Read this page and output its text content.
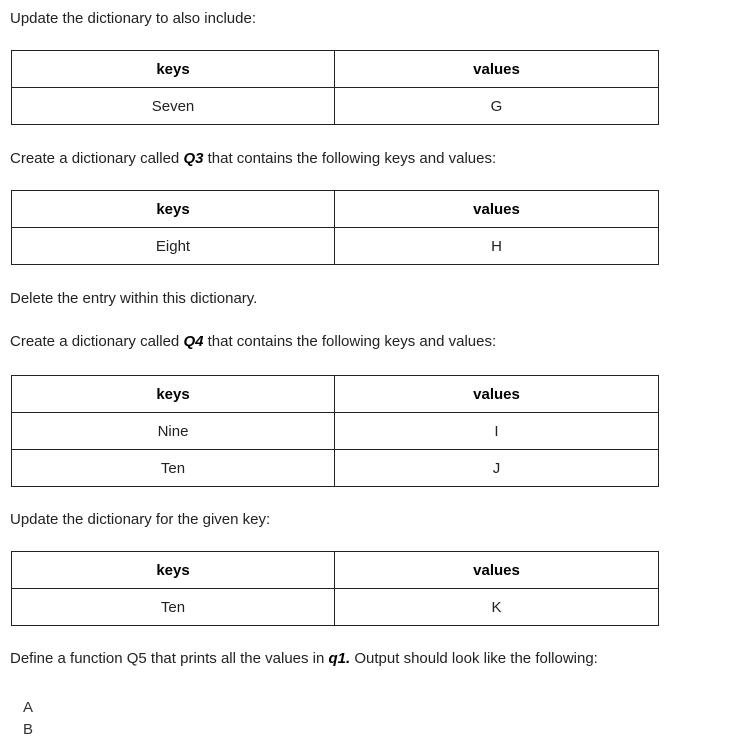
Update the dictionary to also include:

keys	values
Seven	G

Create a dictionary called Q3 that contains the following keys and values:

keys	values
Eight	H

Delete the entry within this dictionary.

Create a dictionary called Q4 that contains the following keys and values:

keys	values
Nine	I
Ten	J

Update the dictionary for the given key:

keys	values
Ten	K

Define a function Q5 that prints all the values in q1. Output should look like the following:

A

B
